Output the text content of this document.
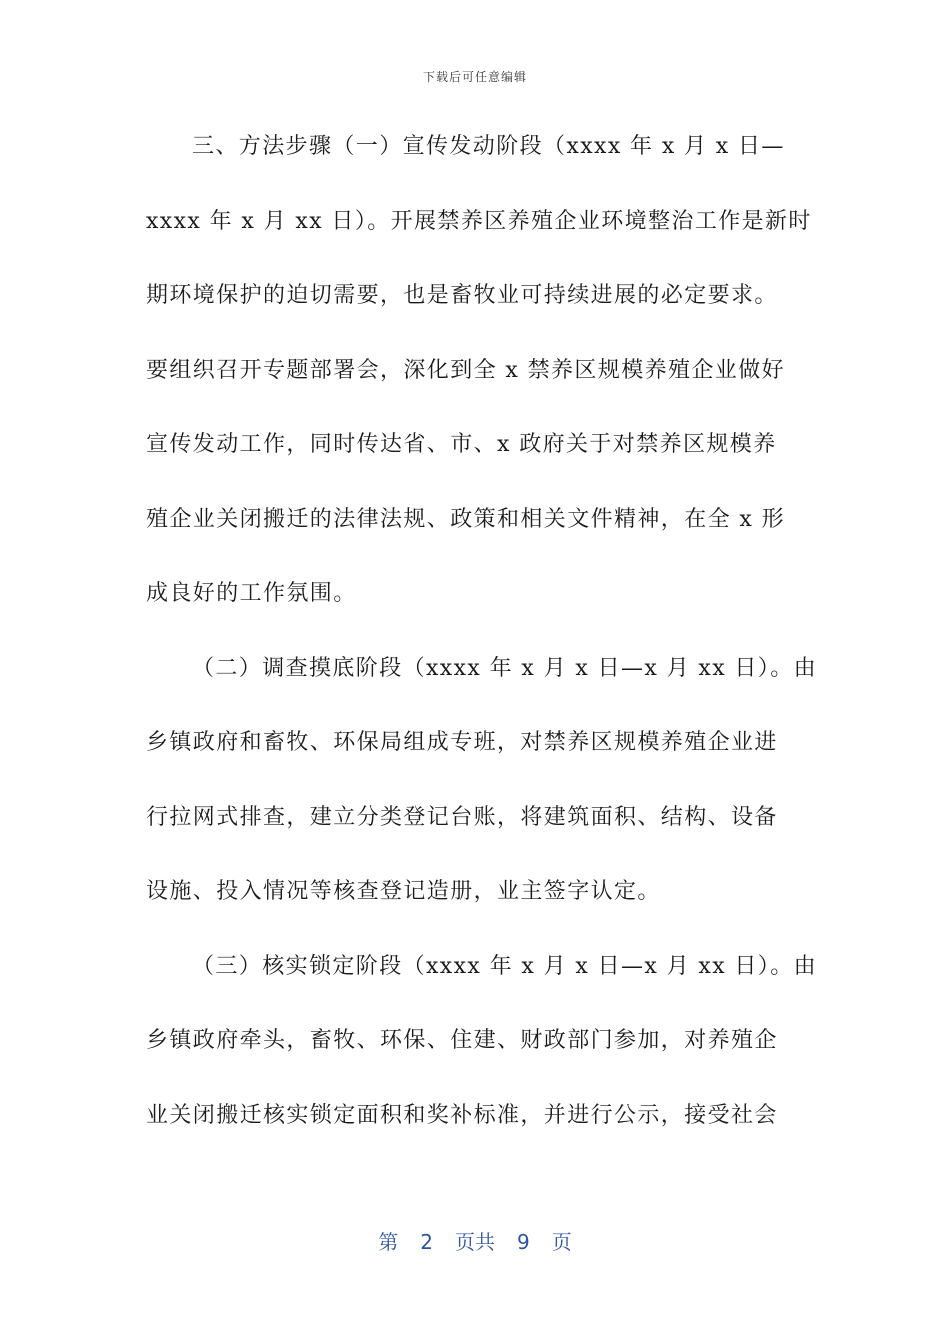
下载后可任意编辑
三、方法步骤（一）宣传发动阶段（xxxx 年 x 月 x 日—
xxxx 年 x 月 xx 日）。开展禁养区养殖企业环境整治工作是新时
期环境保护的迫切需要，也是畜牧业可持续进展的必定要求。
要组织召开专题部署会，深化到全 x 禁养区规模养殖企业做好
宣传发动工作，同时传达省、市、x 政府关于对禁养区规模养
殖企业关闭搬迁的法律法规、政策和相关文件精神，在全 x 形
成良好的工作氛围。
（二）调查摸底阶段（xxxx 年 x 月 x 日—x 月 xx 日）。由
乡镇政府和畜牧、环保局组成专班，对禁养区规模养殖企业进
行拉网式排查，建立分类登记台账，将建筑面积、结构、设备
设施、投入情况等核查登记造册，业主签字认定。
（三）核实锁定阶段（xxxx 年 x 月 x 日—x 月 xx 日）。由
乡镇政府牵头，畜牧、环保、住建、财政部门参加，对养殖企
业关闭搬迁核实锁定面积和奖补标准，并进行公示，接受社会
第 2 页共 9 页
